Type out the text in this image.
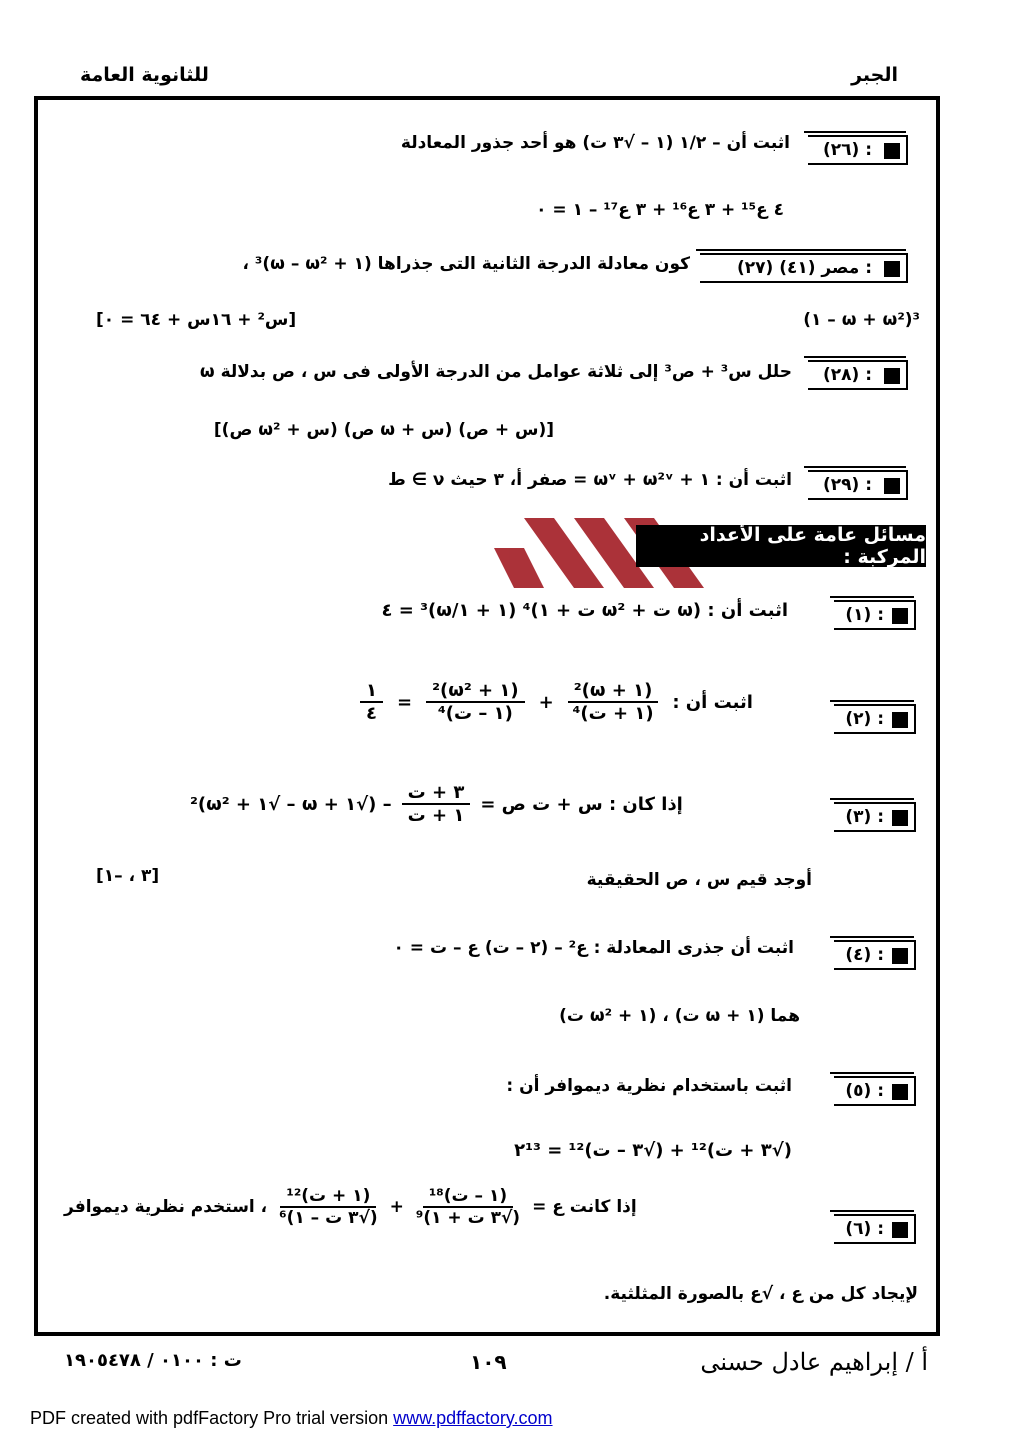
الجبر
للثانوية العامة
(٢٦) :
اثبت أن – ١/٢ (١ – √٣ ت) هو أحد جذور المعادلة
٤ ع¹⁵ + ٣ ع¹⁶ + ٣ ع¹⁷ – ١ = ٠
(٢٧) مصر (٤١) :
كون معادلة الدرجة الثانية التى جذراها (١ + ω – ω²)³ ،
(١ – ω + ω²)³
[س² + ١٦س + ٦٤ = ٠]
(٢٨) :
حلل س³ + ص³ إلى ثلاثة عوامل من الدرجة الأولى فى س ، ص بدلالة ω
[(س + ص) (س + ω ص) (س + ω² ص)]
(٢٩) :
اثبت أن : ١ + ωᵛ + ω²ᵛ = صفر أ، ٣ حيث ν ∋ ط
مسائل عامة على الأعداد المركبة :
(١) :
اثبت أن : (ω ت + ω² ت + ١)⁴ (١ + ١/ω)³ = ٤
(٢) :
اثبت أن :
$\frac{\text{(١ + ω)²}}{\text{(١ + ت)⁴}}$
+
$\frac{\text{(١ + ω²)²}}{\text{(١ – ت)⁴}}$
=
$\frac{١}{٤}$
(٣) :
إذا كان : س + ت ص =
$\frac{\text{٣ + ت}}{\text{١ + ت}}$
– (√١ + ω – √١ + ω²)²
أوجد قيم س ، ص الحقيقية
[٣ ، –١]
(٤) :
اثبت أن جذرى المعادلة : ع² – (٢ – ت) ع – ت = ٠
هما (١ + ω ت) ، (١ + ω² ت)
(٥) :
اثبت باستخدام نظرية ديموافر أن :
(√٣ + ت)¹² + (√٣ – ت)¹² = ٢¹³
(٦) :
إذا كانت ع =
$\frac{\text{(١ – ت)¹⁸}}{\text{(√٣ ت + ١)⁹}}$
+
$\frac{\text{(١ + ت)¹²}}{\text{(√٣ ت – ١)⁶}}$
، استخدم نظرية ديموافر
لإيجاد كل من ع ، √ع بالصورة المثلثية.
أ / إبراهيم عادل حسنى
١٠٩
ت : ٠١٠٠ / ١٩٠٥٤٧٨
PDF created with pdfFactory Pro trial version www.pdffactory.com
